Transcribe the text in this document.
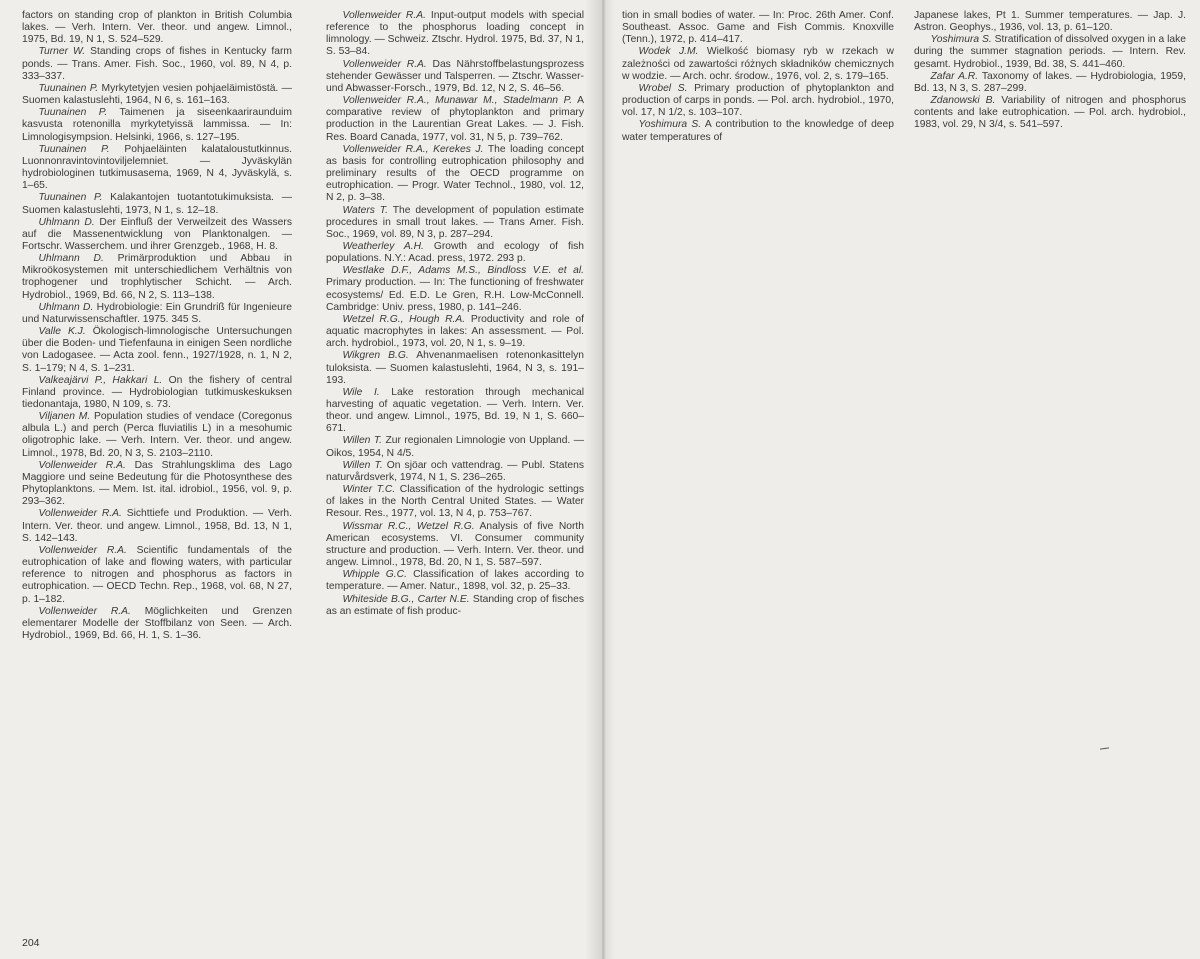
factors on standing crop of plankton in British Columbia lakes. — Verh. Intern. Ver. theor. und angew. Limnol., 1975, Bd. 19, N 1, S. 524–529.

Turner W. Standing crops of fishes in Kentucky farm ponds. — Trans. Amer. Fish. Soc., 1960, vol. 89, N 4, p. 333–337.

Tuunainen P. Myrkytetyjen vesien pohjaeläimistöstä. — Suomen kalastuslehti, 1964, N 6, s. 161–163.

Tuunainen P. Taimenen ja siseenkaariraunduim kasvusta rotenonilla myrkytetyissä lammissa. — In: Limnologisympsion. Helsinki, 1966, s. 127–195.

Tuunainen P. Pohjaeläinten kalataloustutkinnus. Luonnonravintovintoviljelemniet. — Jyväskylän hydrobiologinen tutkimusasema, 1969, N 4, Jyväskylä, s. 1–65.

Tuunainen P. Kalakantojen tuotantotukimuksista. — Suomen kalastuslehti, 1973, N 1, s. 12–18.

Uhlmann D. Der Einfluß der Verweilzeit des Wassers auf die Massenentwicklung von Planktonalgen. — Fortschr. Wasserchem. und ihrer Grenzgeb., 1968, H. 8.

Uhlmann D. Primärproduktion und Abbau in Mikroökosystemen mit unterschiedlichem Verhältnis von trophogener und trophlytischer Schicht. — Arch. Hydrobiol., 1969, Bd. 66, N 2, S. 113–138.

Uhlmann D. Hydrobiologie: Ein Grundriß für Ingenieure und Naturwissenschaftler. 1975. 345 S.

Valle K.J. Ökologisch-limnologische Untersuchungen über die Boden- und Tiefenfauna in einigen Seen nordliche von Ladogasee. — Acta zool. fenn., 1927/1928, n. 1, N 2, S. 1–179; N 4, S. 1–231.

Valkeajärvi P., Hakkari L. On the fishery of central Finland province. — Hydrobiologian tutkimuskeskuksen tiedonantaja, 1980, N 109, s. 73.

Viljanen M. Population studies of vendace (Coregonus albula L.) and perch (Perca fluviatilis L) in a mesohumic oligotrophic lake. — Verh. Intern. Ver. theor. und angew. Limnol., 1978, Bd. 20, N 3, S. 2103–2110.

Vollenweider R.A. Das Strahlungsklima des Lago Maggiore und seine Bedeutung für die Photosynthese des Phytoplanktons. — Mem. Ist. ital. idrobiol., 1956, vol. 9, p. 293–362.

Vollenweider R.A. Sichttiefe und Produktion. — Verh. Intern. Ver. theor. und angew. Limnol., 1958, Bd. 13, N 1, S. 142–143.

Vollenweider R.A. Scientific fundamentals of the eutrophication of lake and flowing waters, with particular reference to nitrogen and phosphorus as factors in eutrophication. — OECD Techn. Rep., 1968, vol. 68, N 27, p. 1–182.

Vollenweider R.A. Möglichkeiten und Grenzen elementarer Modelle der Stoffbilanz von Seen. — Arch. Hydrobiol., 1969, Bd. 66, H. 1, S. 1–36.

Vollenweider R.A. Input-output models with special reference to the phosphorus loading concept in limnology. — Schweiz. Ztschr. Hydrol. 1975, Bd. 37, N 1, S. 53–84.

Vollenweider R.A. Das Nährstoffbelastungsprozess stehender Gewässer und Talsperren. — Ztschr. Wasser- und Abwasser-Forsch., 1979, Bd. 12, N 2, S. 46–56.

Vollenweider R.A., Munawar M., Stadelmann P. A comparative review of phytoplankton and primary production in the Laurentian Great Lakes. — J. Fish. Res. Board Canada, 1977, vol. 31, N 5, p. 739–762.

Vollenweider R.A., Kerekes J. The loading concept as basis for controlling eutrophication philosophy and preliminary results of the OECD programme on eutrophication. — Progr. Water Technol., 1980, vol. 12, N 2, p. 3–38.

Waters T. The development of population estimate procedures in small trout lakes. — Trans Amer. Fish. Soc., 1969, vol. 89, N 3, p. 287–294.

Weatherley A.H. Growth and ecology of fish populations. N.Y.: Acad. press, 1972. 293 p.

Westlake D.F., Adams M.S., Bindloss V.E. et al. Primary production. — In: The functioning of freshwater ecosystems/ Ed. E.D. Le Gren, R.H. Low-McConnell. Cambridge: Univ. press, 1980, p. 141–246.

Wetzel R.G., Hough R.A. Productivity and role of aquatic macrophytes in lakes: An assessment. — Pol. arch. hydrobiol., 1973, vol. 20, N 1, s. 9–19.

Wikgren B.G. Ahvenanmaelisen rotenonkasittelyn tuloksista. — Suomen kalastuslehti, 1964, N 3, s. 191–193.

Wile I. Lake restoration through mechanical harvesting of aquatic vegetation. — Verh. Intern. Ver. theor. und angew. Limnol., 1975, Bd. 19, N 1, S. 660–671.

Willen T. Zur regionalen Limnologie von Uppland. — Oikos, 1954, N 4/5.

Willen T. On sjöar och vattendrag. — Publ. Statens naturvårdsverk, 1974, N 1, S. 236–265.

Winter T.C. Classification of the hydrologic settings of lakes in the North Central United States. — Water Resour. Res., 1977, vol. 13, N 4, p. 753–767.

Wissmar R.C., Wetzel R.G. Analysis of five North American ecosystems. VI. Consumer community structure and production. — Verh. Intern. Ver. theor. und angew. Limnol., 1978, Bd. 20, N 1, S. 587–597.

Whipple G.C. Classification of lakes according to temperature. — Amer. Natur., 1898, vol. 32, p. 25–33.

Whiteside B.G., Carter N.E. Standing crop of fisches as an estimate of fish produc-

tion in small bodies of water. — In: Proc. 26th Amer. Conf. Southeast. Assoc. Game and Fish Commis. Knoxville (Tenn.), 1972, p. 414–417.

Wodek J.M. Wielkość biomasy ryb w rzekach w zależności od zawartości różnych składników chemicznych w wodzie. — Arch. ochr. środow., 1976, vol. 2, s. 179–165.

Wrobel S. Primary production of phytoplankton and production of carps in ponds. — Pol. arch. hydrobiol., 1970, vol. 17, N 1/2, s. 103–107.

Yoshimura S. A contribution to the knowledge of deep water temperatures of

Japanese lakes, Pt 1. Summer temperatures. — Jap. J. Astron. Geophys., 1936, vol. 13, p. 61–120.

Yoshimura S. Stratification of dissolved oxygen in a lake during the summer stagnation periods. — Intern. Rev. gesamt. Hydrobiol., 1939, Bd. 38, S. 441–460.

Zafar A.R. Taxonomy of lakes. — Hydrobiologia, 1959, Bd. 13, N 3, S. 287–299.

Zdanowski B. Variability of nitrogen and phosphorus contents and lake eutrophication. — Pol. arch. hydrobiol., 1983, vol. 29, N 3/4, s. 541–597.

204
